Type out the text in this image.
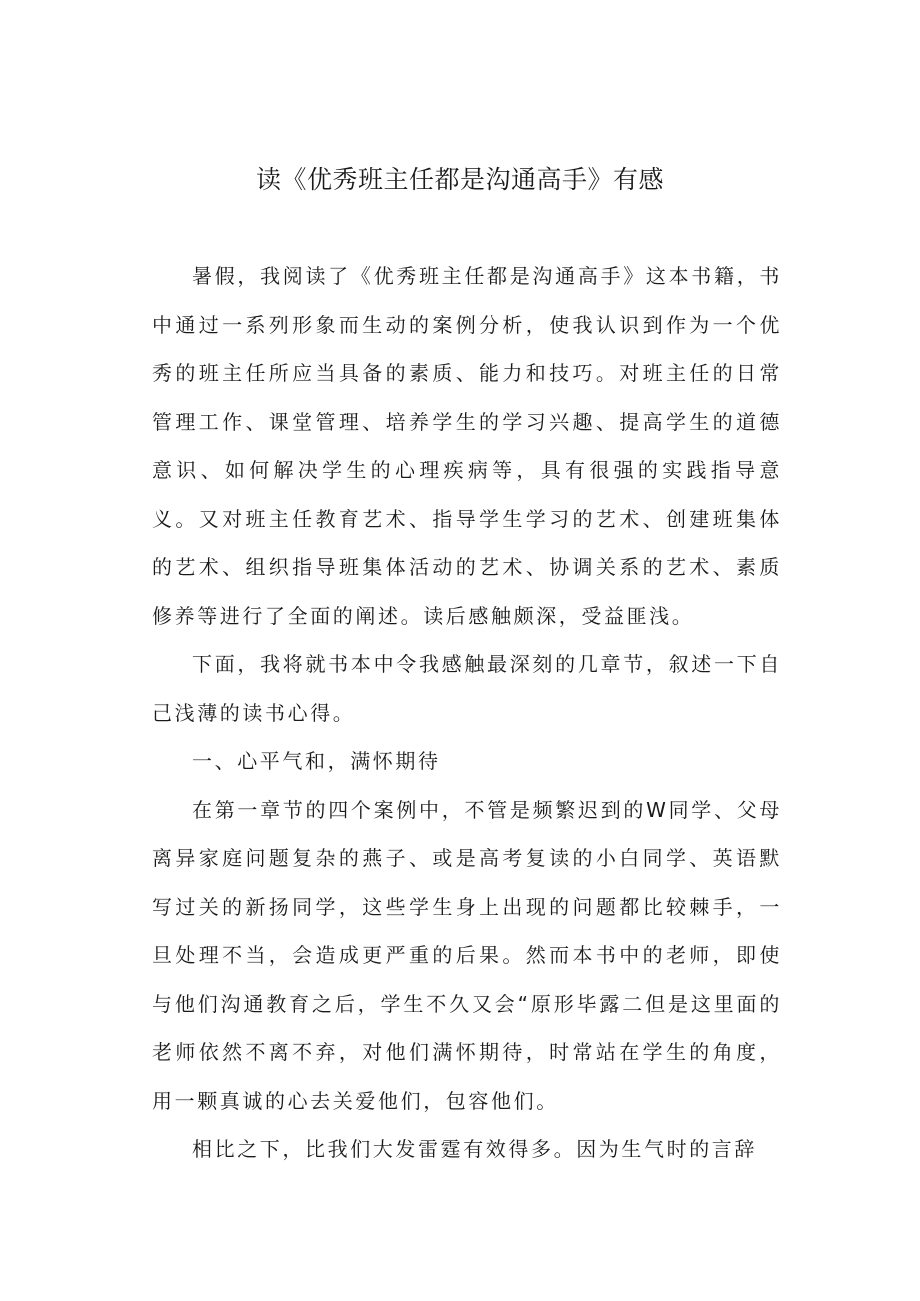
读《优秀班主任都是沟通高手》有感

暑假，我阅读了《优秀班主任都是沟通高手》这本书籍，书中通过一系列形象而生动的案例分析，使我认识到作为一个优秀的班主任所应当具备的素质、能力和技巧。对班主任的日常管理工作、课堂管理、培养学生的学习兴趣、提高学生的道德意识、如何解决学生的心理疾病等，具有很强的实践指导意义。又对班主任教育艺术、指导学生学习的艺术、创建班集体的艺术、组织指导班集体活动的艺术、协调关系的艺术、素质修养等进行了全面的阐述。读后感触颇深，受益匪浅。

下面，我将就书本中令我感触最深刻的几章节，叙述一下自己浅薄的读书心得。

一、心平气和，满怀期待

在第一章节的四个案例中，不管是频繁迟到的W同学、父母离异家庭问题复杂的燕子、或是高考复读的小白同学、英语默写过关的新扬同学，这些学生身上出现的问题都比较棘手，一旦处理不当，会造成更严重的后果。然而本书中的老师，即使与他们沟通教育之后，学生不久又会“原形毕露二但是这里面的老师依然不离不弃，对他们满怀期待，时常站在学生的角度，用一颗真诚的心去关爱他们，包容他们。

相比之下，比我们大发雷霆有效得多。因为生气时的言辞
